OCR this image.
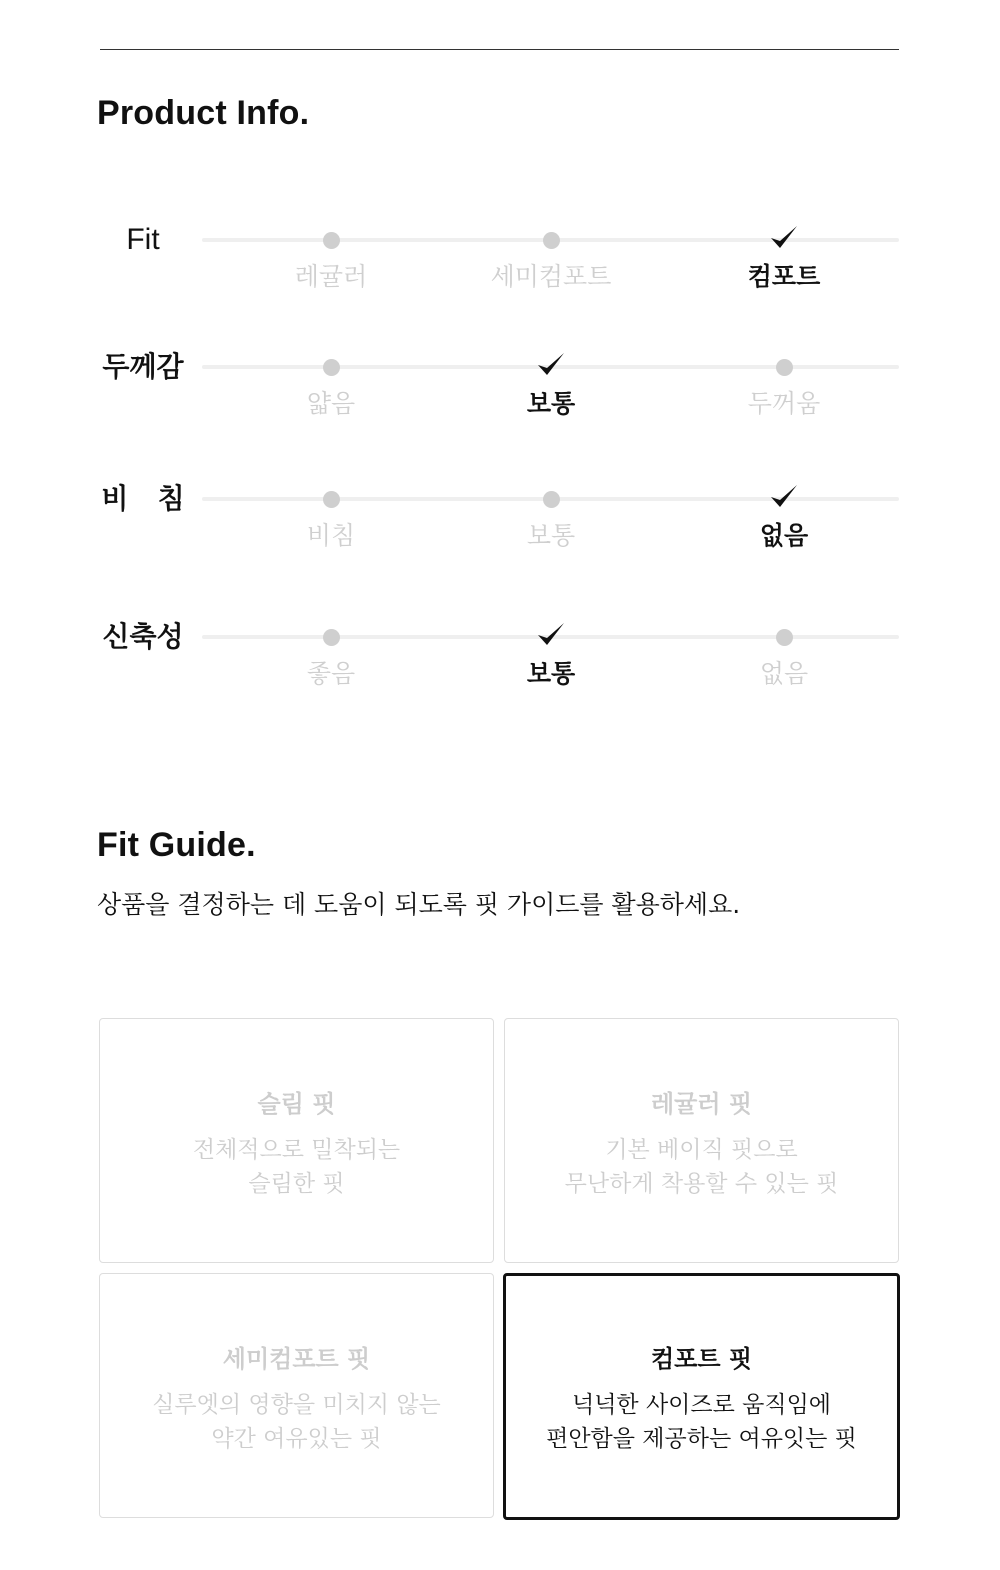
Product Info.
Fit
레귤러	세미컴포트	컴포트
두께감
얇음	보통	두꺼움
비   침
비침	보통	없음
신축성
좋음	보통	없음
Fit Guide.

상품을 결정하는 데 도움이 되도록 핏 가이드를 활용하세요.

슬림 핏
전체적으로 밀착되는
슬림한 핏
레귤러 핏
기본 베이직 핏으로
무난하게 착용할 수 있는 핏
세미컴포트 핏
실루엣의 영향을 미치지 않는
약간 여유있는 핏
컴포트 핏
넉넉한 사이즈로 움직임에
편안함을 제공하는 여유잇는 핏
